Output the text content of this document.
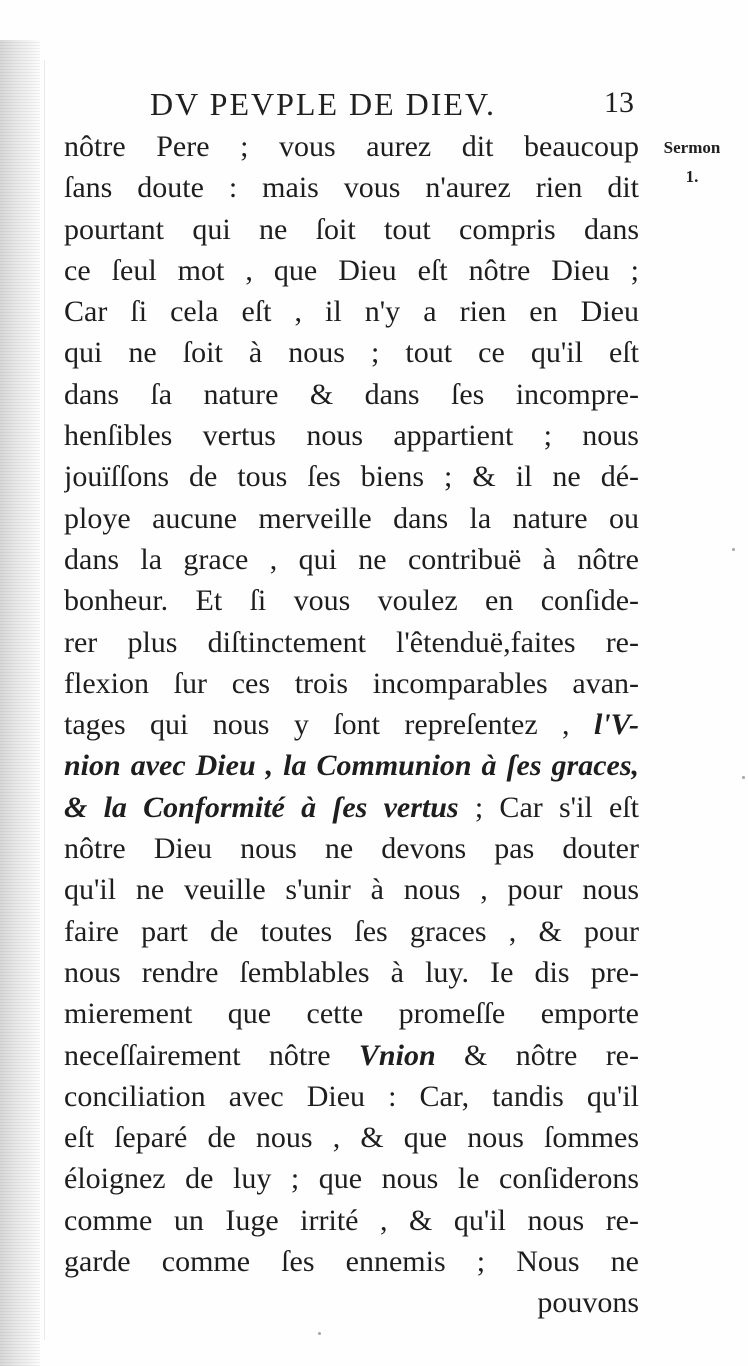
DV PEVPLE DE DIEV.	13
Sermon
1.
nôtre Pere ; vous aurez dit beaucoup
ſans doute : mais vous n'aurez rien dit
pourtant qui ne ſoit tout compris dans
ce ſeul mot , que Dieu eſt nôtre Dieu ;
Car ſi cela eſt , il n'y a rien en Dieu
qui ne ſoit à nous ; tout ce qu'il eſt
dans ſa nature & dans ſes incompre-
henſibles vertus nous appartient ; nous
jouïſſons de tous ſes biens ; & il ne dé-
ploye aucune merveille dans la nature ou
dans la grace , qui ne contribuë à nôtre
bonheur. Et ſi vous voulez en conſide-
rer plus diſtinctement l'êtenduë,faites re-
flexion ſur ces trois incomparables avan-
tages qui nous y ſont repreſentez , l'V-
nion avec Dieu , la Communion à ſes graces,
& la Conformité à ſes vertus ; Car s'il eſt
nôtre Dieu nous ne devons pas douter
qu'il ne veuille s'unir à nous , pour nous
faire part de toutes ſes graces , & pour
nous rendre ſemblables à luy. Ie dis pre-
mierement que cette promeſſe emporte
neceſſairement nôtre Vnion & nôtre re-
conciliation avec Dieu : Car, tandis qu'il
eſt ſeparé de nous , & que nous ſommes
éloignez de luy ; que nous le conſiderons
comme un Iuge irrité , & qu'il nous re-
garde comme ſes ennemis ; Nous ne
pouvons
